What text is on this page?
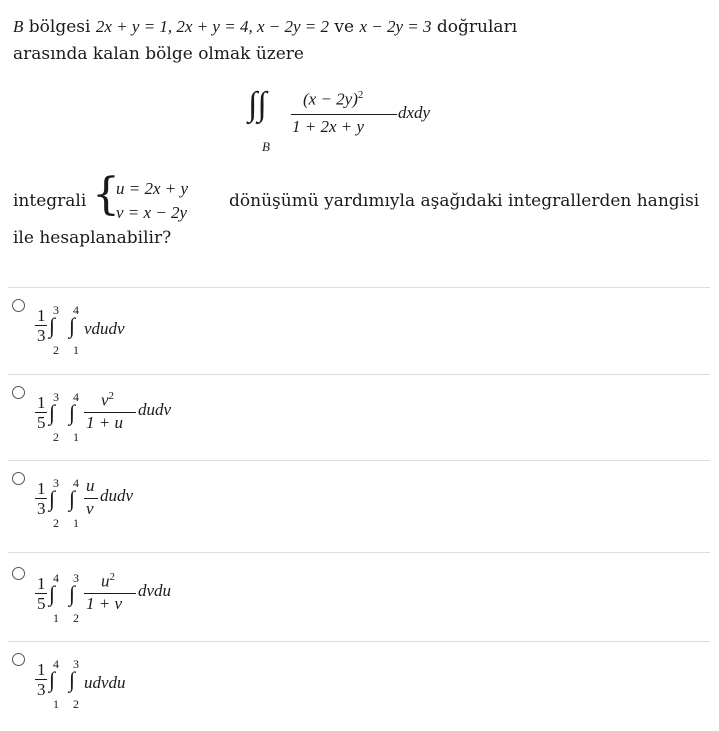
B bölgesi 2x + y = 1, 2x + y = 4, x − 2y = 2 ve x − 2y = 3 doğruları
arasında kalan bölge olmak üzere
∫∫
B
$(x - 2y)^2$
1 + 2x + y
dxdy
integrali {
u = 2x + y
v = x − 2y
dönüşümü yardımıyla aşağıdaki integrallerden hangisi
ile hesaplanabilir?
1
3
3
∫
2
4
∫
1
vdudv
1
5
3
∫
2
4
∫
1
$v^2$
1 + u
dudv
1
3
3
∫
2
4
∫
1
u
v
dudv
1
5
4
∫
1
3
∫
2
$u^2$
1 + v
dvdu
1
3
4
∫
1
3
∫
2
udvdu
